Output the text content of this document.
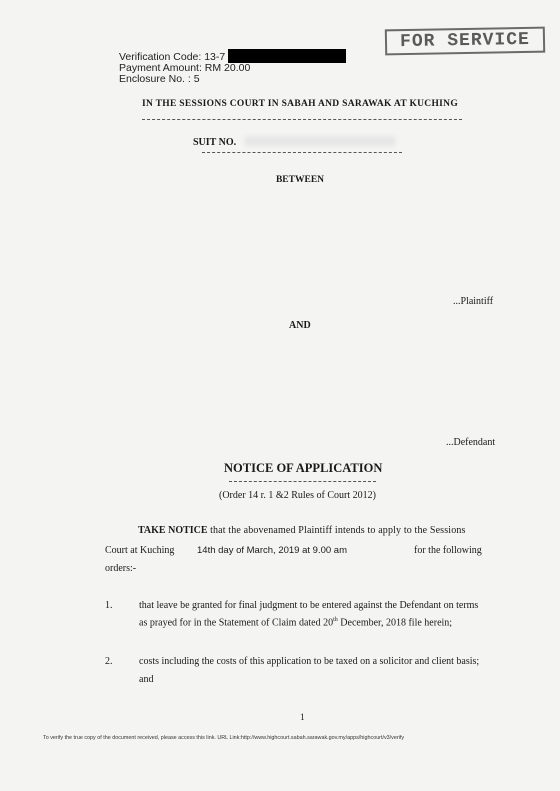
Verification Code: 13-7
Payment Amount: RM 20.00
Enclosure No. : 5
FOR SERVICE
IN THE SESSIONS COURT IN SABAH AND SARAWAK AT KUCHING
SUIT NO.
BETWEEN
...Plaintiff
AND
...Defendant
NOTICE OF APPLICATION
(Order 14 r. 1 &2 Rules of Court 2012)
TAKE NOTICE that the abovenamed Plaintiff intends to apply to the Sessions
Court at Kuching 14th day of March, 2019 at 9.00 am	for the following
orders:-
1.	that leave be granted for final judgment to be entered against the Defendant on terms
as prayed for in the Statement of Claim dated 20th December, 2018 file herein;
2.	costs including the costs of this application to be taxed on a solicitor and client basis;
and
1
To verify the true copy of the document received, please access this link. URL Link:http://www.highcourt.sabah.sarawak.gov.my/apps/highcourt/v3/verify
